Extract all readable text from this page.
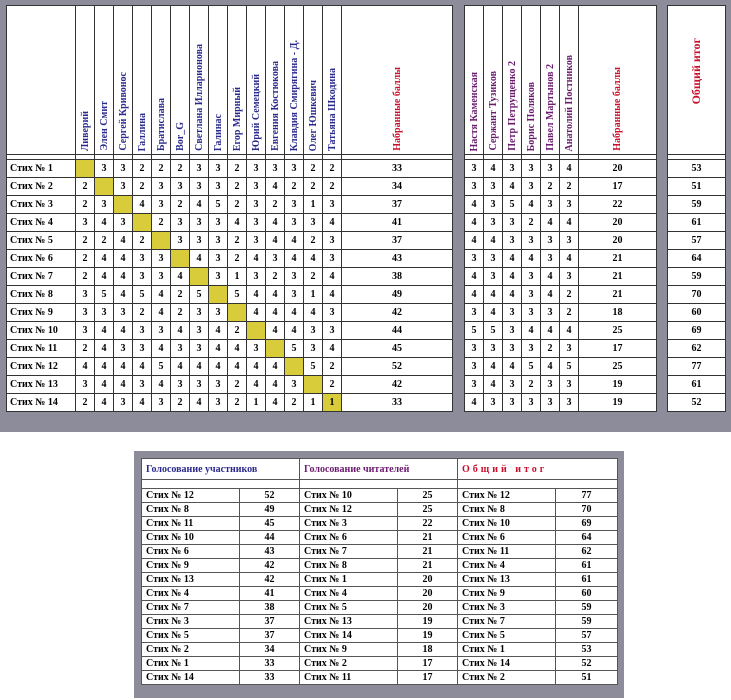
	Ливерий	Элен Смит	Сергей Кривонос	Галлина	Братислава	Bor_G	Светлана Илларионова	Галинас	Егор Мирный	Юрий Семецкий	Евгения Костюкова	Клавдия Смирягина - Д.	Олег Юшкевич	Татьяна Шкодина	Набранные баллы

Стих № 1		3	3	2	2	2	3	3	2	3	3	3	2	2	33
Стих № 2	2		3	2	3	3	3	3	2	3	4	2	2	2	34
Стих № 3	2	3		4	3	2	4	5	2	3	2	3	1	3	37
Стих № 4	3	4	3		2	3	3	3	4	3	4	3	3	4	41
Стих № 5	2	2	4	2		3	3	3	2	3	4	4	2	3	37
Стих № 6	2	4	4	3	3		4	3	2	4	3	4	4	3	43
Стих № 7	2	4	4	3	3	4		3	1	3	2	3	2	4	38
Стих № 8	3	5	4	5	4	2	5		5	4	4	3	1	4	49
Стих № 9	3	3	3	2	4	2	3	3		4	4	4	4	3	42
Стих № 10	3	4	4	3	3	4	3	4	2		4	4	3	3	44
Стих № 11	2	4	3	3	4	3	3	4	4	3		5	3	4	45
Стих № 12	4	4	4	4	5	4	4	4	4	4	4		5	2	52
Стих № 13	3	4	4	3	4	3	3	3	2	4	4	3		2	42
Стих № 14	2	4	3	4	3	2	4	3	2	1	4	2	1	1	33
Настя Каменская	Сержант Тузиков	Петр Петрущенко 2	Борис Поляков	Павел Мартынов 2	Анатолий Постников	Набранные баллы

3	4	3	3	3	4	20
3	3	4	3	2	2	17
4	3	5	4	3	3	22
4	3	3	2	4	4	20
4	4	3	3	3	3	20
3	3	4	4	3	4	21
4	3	4	3	4	3	21
4	4	4	3	4	2	21
3	4	3	3	3	2	18
5	5	3	4	4	4	25
3	3	3	3	2	3	17
3	4	4	5	4	5	25
3	4	3	2	3	3	19
4	3	3	3	3	3	19
Общий итог

53
51
59
61
57
64
59
70
60
69
62
77
61
52
Голосование участников		Голосование читателей		Общий итог	

Стих № 12	52	Стих № 10	25	Стих № 12	77
Стих № 8	49	Стих № 12	25	Стих № 8	70
Стих № 11	45	Стих № 3	22	Стих № 10	69
Стих № 10	44	Стих № 6	21	Стих № 6	64
Стих № 6	43	Стих № 7	21	Стих № 11	62
Стих № 9	42	Стих № 8	21	Стих № 4	61
Стих № 13	42	Стих № 1	20	Стих № 13	61
Стих № 4	41	Стих № 4	20	Стих № 9	60
Стих № 7	38	Стих № 5	20	Стих № 3	59
Стих № 3	37	Стих № 13	19	Стих № 7	59
Стих № 5	37	Стих № 14	19	Стих № 5	57
Стих № 2	34	Стих № 9	18	Стих № 1	53
Стих № 1	33	Стих № 2	17	Стих № 14	52
Стих № 14	33	Стих № 11	17	Стих № 2	51
